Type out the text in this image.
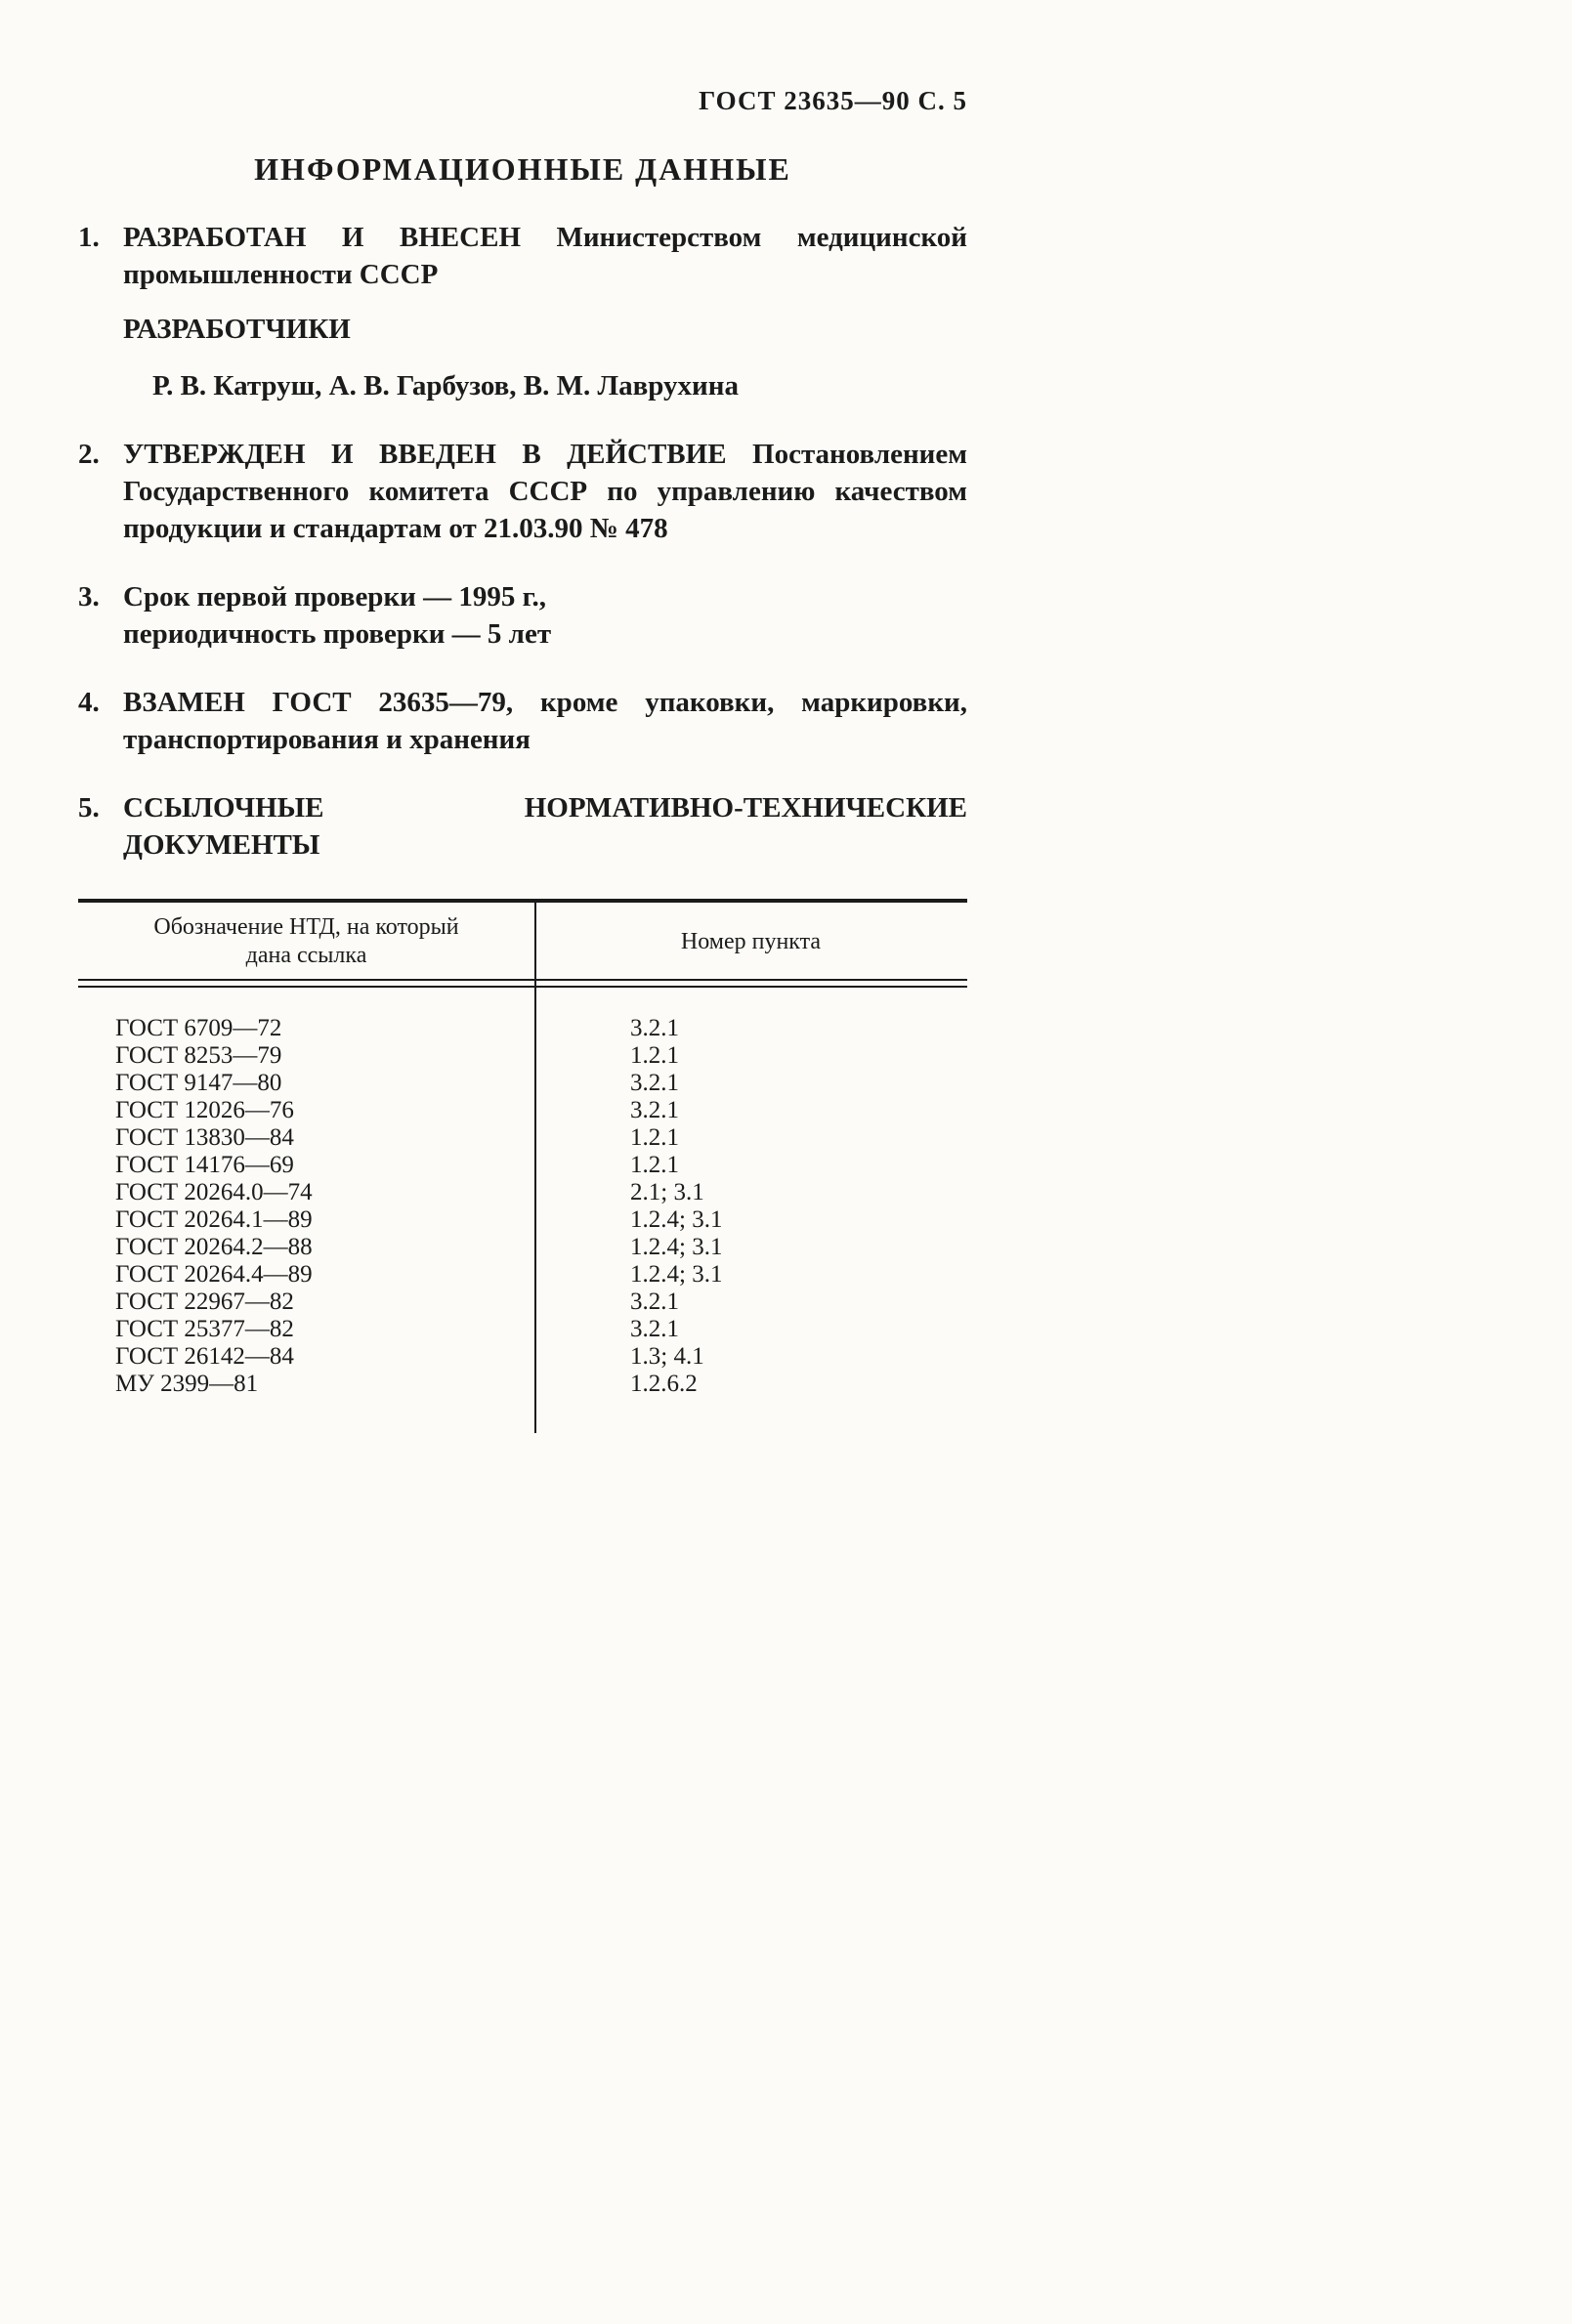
ГОСТ 23635—90 С. 5
ИНФОРМАЦИОННЫЕ ДАННЫЕ
1. РАЗРАБОТАН И ВНЕСЕН Министерством медицинской промышленности СССР

РАЗРАБОТЧИКИ

Р. В. Катруш, А. В. Гарбузов, В. М. Лаврухина

2. УТВЕРЖДЕН И ВВЕДЕН В ДЕЙСТВИЕ Постановлением Государственного комитета СССР по управлению качеством продукции и стандартам от 21.03.90 № 478

3. Срок первой проверки — 1995 г.,
периодичность проверки — 5 лет

4. ВЗАМЕН ГОСТ 23635—79, кроме упаковки, маркировки, транспортирования и хранения

5. ССЫЛОЧНЫЕ НОРМАТИВНО-ТЕХНИЧЕСКИЕ ДОКУМЕНТЫ

Обозначение НТД, на который дана ссылка
Номер пункта
ГОСТ 6709—72	3.2.1
ГОСТ 8253—79	1.2.1
ГОСТ 9147—80	3.2.1
ГОСТ 12026—76	3.2.1
ГОСТ 13830—84	1.2.1
ГОСТ 14176—69	1.2.1
ГОСТ 20264.0—74	2.1; 3.1
ГОСТ 20264.1—89	1.2.4; 3.1
ГОСТ 20264.2—88	1.2.4; 3.1
ГОСТ 20264.4—89	1.2.4; 3.1
ГОСТ 22967—82	3.2.1
ГОСТ 25377—82	3.2.1
ГОСТ 26142—84	1.3; 4.1
МУ 2399—81	1.2.6.2
